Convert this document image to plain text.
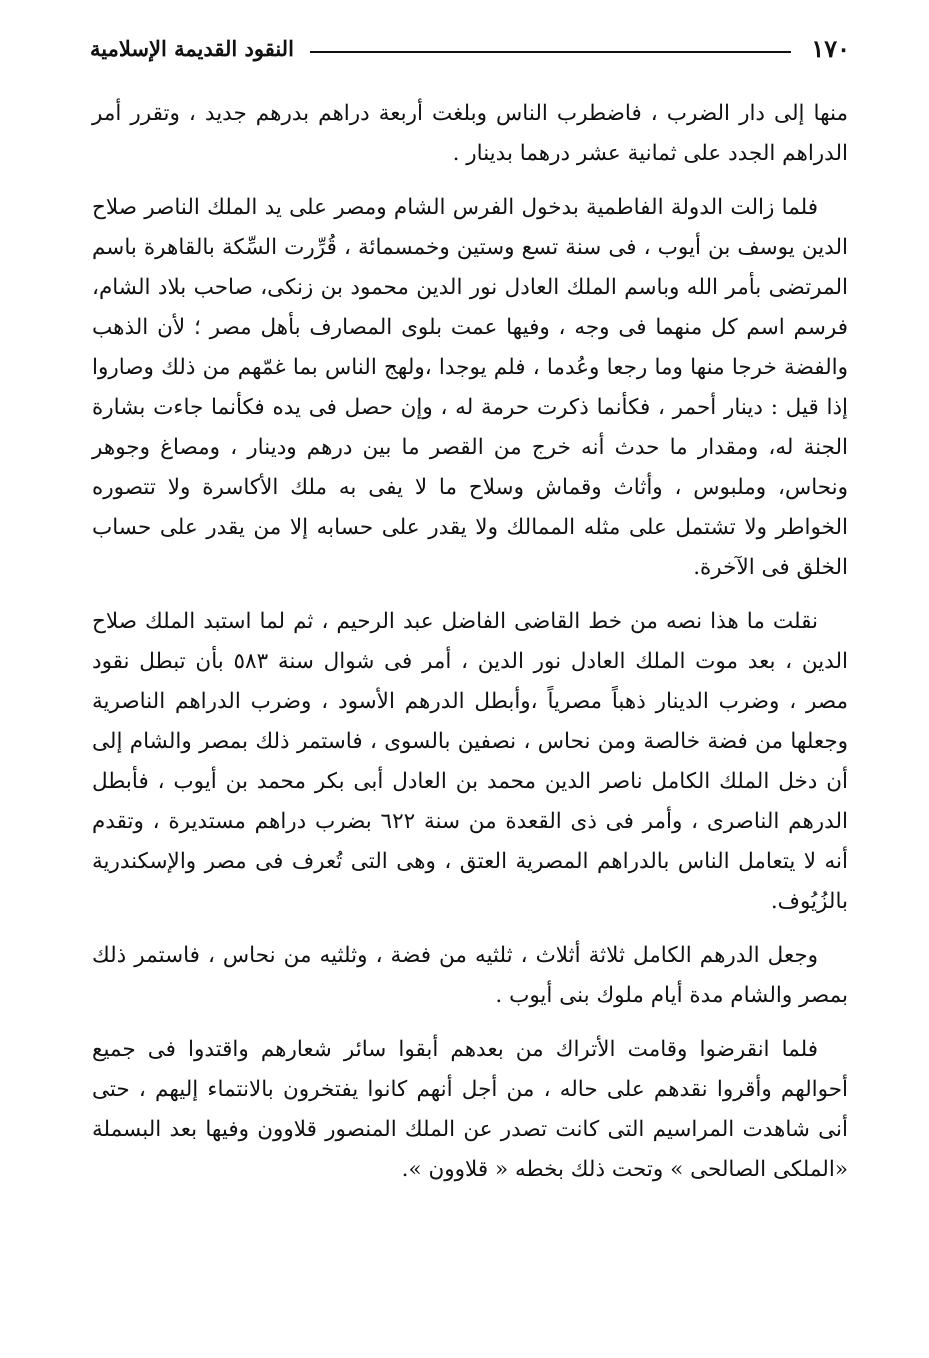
١٧٠
النقود القديمة الإسلامية

منها إلى دار الضرب ، فاضطرب الناس وبلغت أربعة دراهم بدرهم جديد ، وتقرر أمر الدراهم الجدد على ثمانية عشر درهما بدينار .

فلما زالت الدولة الفاطمية بدخول الفرس الشام ومصر على يد الملك الناصر صلاح الدين يوسف بن أيوب ، فى سنة تسع وستين وخمسمائة ، قُرِّرت السِّكة بالقاهرة باسم المرتضى بأمر الله وباسم الملك العادل نور الدين محمود بن زنكى، صاحب بلاد الشام، فرسم اسم كل منهما فى وجه ، وفيها عمت بلوى المصارف بأهل مصر ؛ لأن الذهب والفضة خرجا منها وما رجعا وعُدما ، فلم يوجدا ،ولهج الناس بما غمّهم من ذلك وصاروا إذا قيل : دينار أحمر ، فكأنما ذكرت حرمة له ، وإن حصل فى يده فكأنما جاءت بشارة الجنة له، ومقدار ما حدث أنه خرج من القصر ما بين درهم ودينار ، ومصاغ وجوهر ونحاس، وملبوس ، وأثاث وقماش وسلاح ما لا يفى به ملك الأكاسرة ولا تتصوره الخواطر ولا تشتمل على مثله الممالك ولا يقدر على حسابه إلا من يقدر على حساب الخلق فى الآخرة.

نقلت ما هذا نصه من خط القاضى الفاضل عبد الرحيم ، ثم لما استبد الملك صلاح الدين ، بعد موت الملك العادل نور الدين ، أمر فى شوال سنة ٥٨٣ بأن تبطل نقود مصر ، وضرب الدينار ذهباً مصرياً ،وأبطل الدرهم الأسود ، وضرب الدراهم الناصرية وجعلها من فضة خالصة ومن نحاس ، نصفين بالسوى ، فاستمر ذلك بمصر والشام إلى أن دخل الملك الكامل ناصر الدين محمد بن العادل أبى بكر محمد بن أيوب ، فأبطل الدرهم الناصرى ، وأمر فى ذى القعدة من سنة ٦٢٢ بضرب دراهم مستديرة ، وتقدم أنه لا يتعامل الناس بالدراهم المصرية العتق ، وهى التى تُعرف فى مصر والإسكندرية بالزُيُوف.

وجعل الدرهم الكامل ثلاثة أثلاث ، ثلثيه من فضة ، وثلثيه من نحاس ، فاستمر ذلك بمصر والشام مدة أيام ملوك بنى أيوب .

فلما انقرضوا وقامت الأتراك من بعدهم أبقوا سائر شعارهم واقتدوا فى جميع أحوالهم وأقروا نقدهم على حاله ، من أجل أنهم كانوا يفتخرون بالانتماء إليهم ، حتى أنى شاهدت المراسيم التى كانت تصدر عن الملك المنصور قلاوون وفيها بعد البسملة «الملكى الصالحى » وتحت ذلك بخطه « قلاوون ».
